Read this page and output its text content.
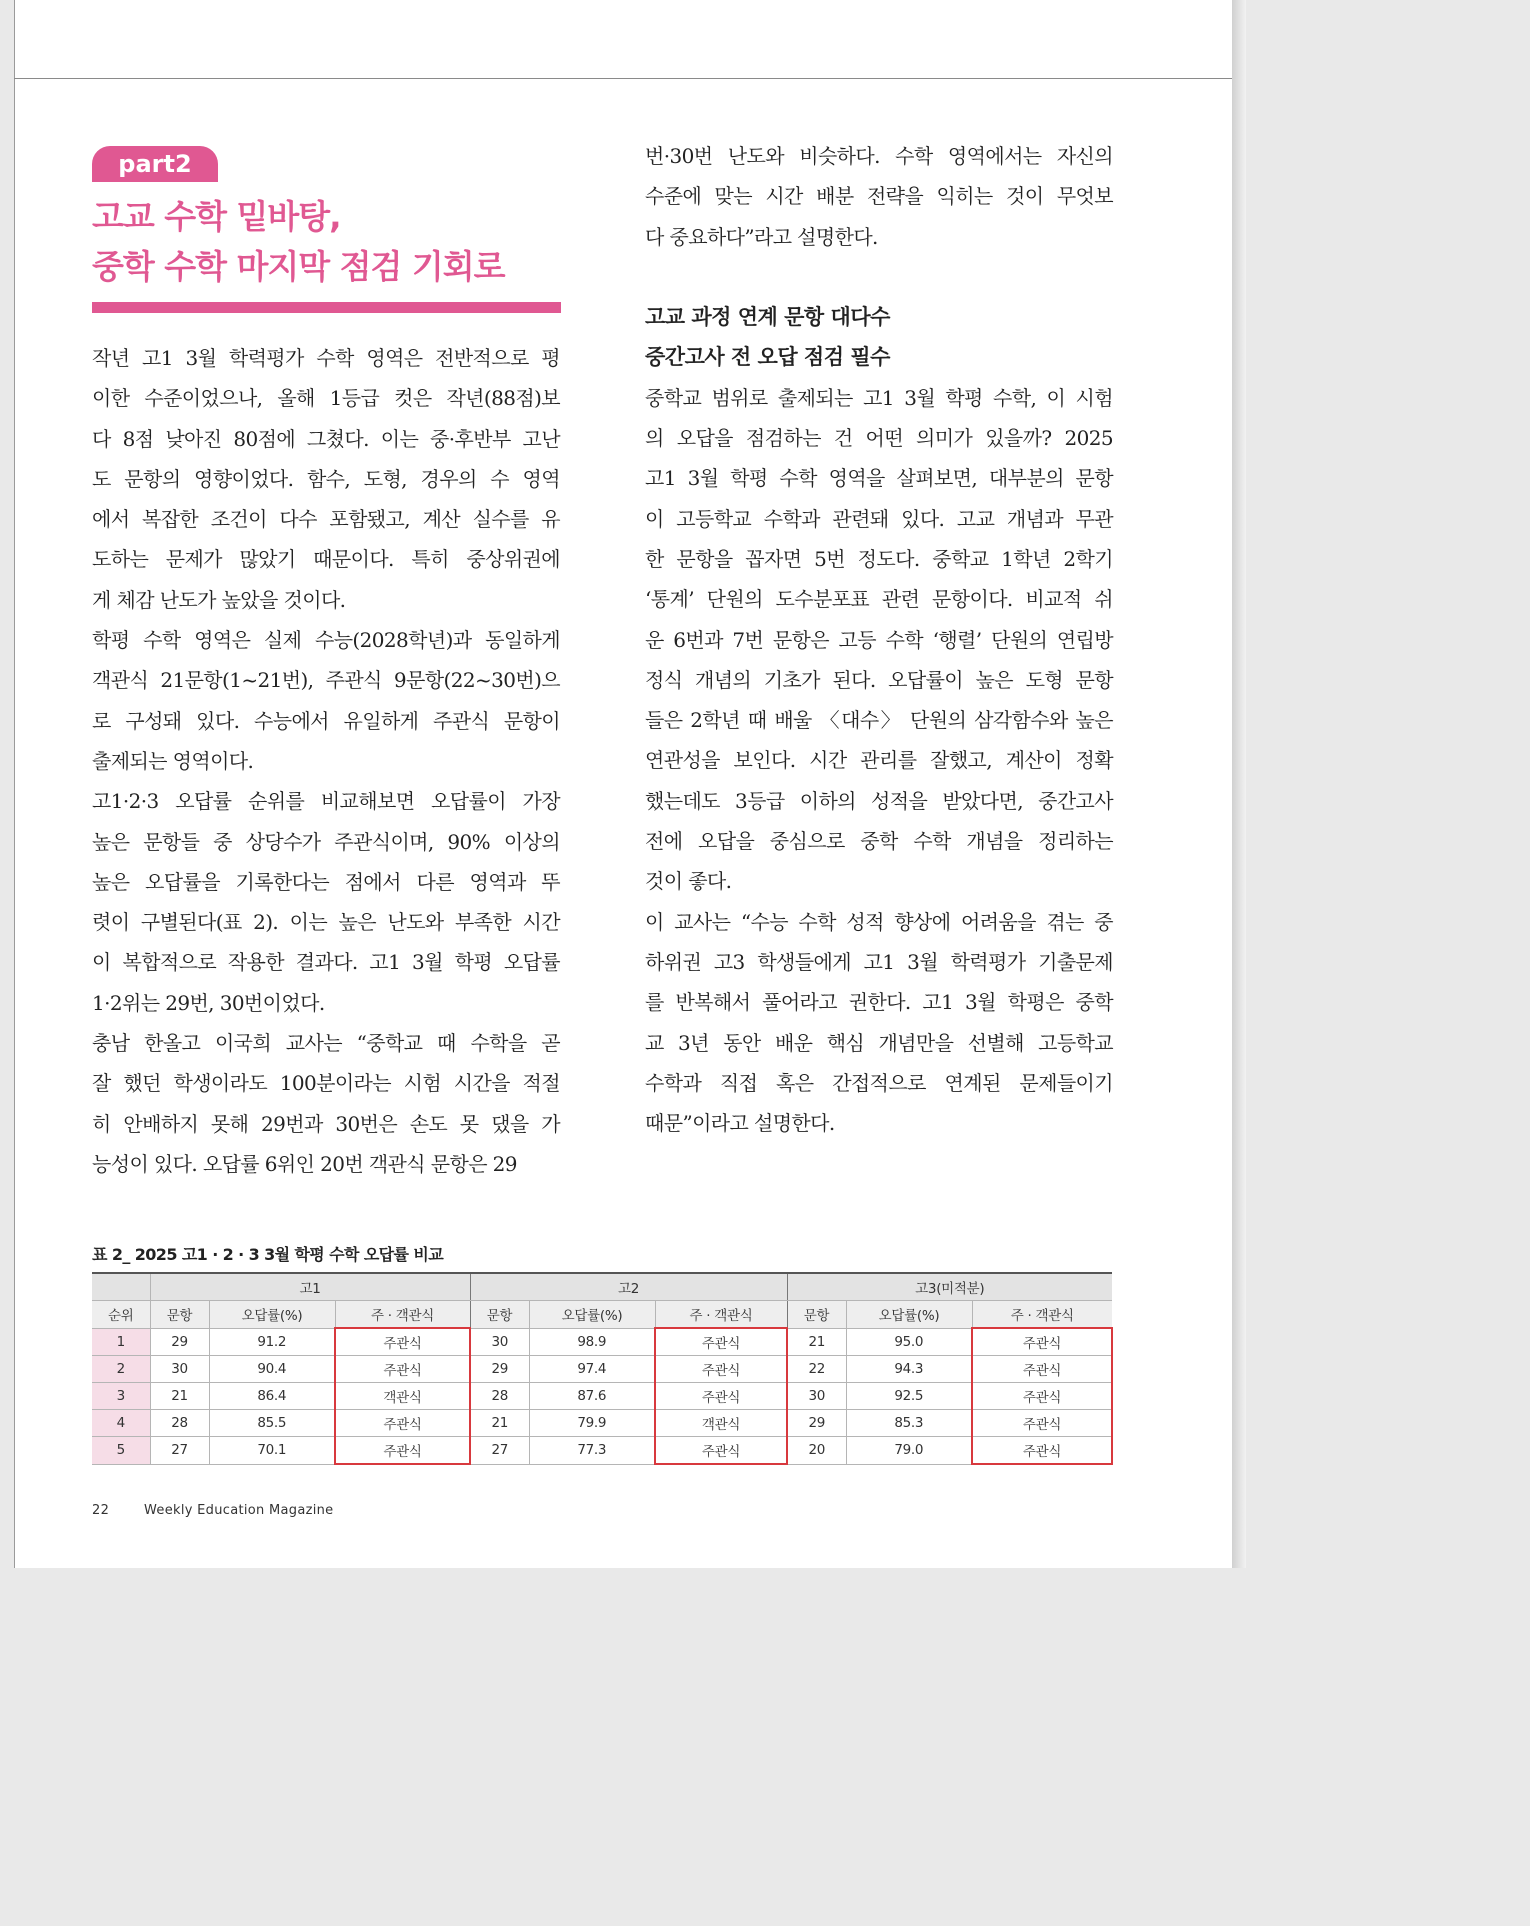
part2
고교 수학 밑바탕,
중학 수학 마지막 점검 기회로
작년 고1 3월 학력평가 수학 영역은 전반적으로 평
이한 수준이었으나, 올해 1등급 컷은 작년(88점)보
다 8점 낮아진 80점에 그쳤다. 이는 중·후반부 고난
도 문항의 영향이었다. 함수, 도형, 경우의 수 영역
에서 복잡한 조건이 다수 포함됐고, 계산 실수를 유
도하는 문제가 많았기 때문이다. 특히 중상위권에
게 체감 난도가 높았을 것이다.
학평 수학 영역은 실제 수능(2028학년)과 동일하게
객관식 21문항(1~21번), 주관식 9문항(22~30번)으
로 구성돼 있다. 수능에서 유일하게 주관식 문항이
출제되는 영역이다.
고1·2·3 오답률 순위를 비교해보면 오답률이 가장
높은 문항들 중 상당수가 주관식이며, 90% 이상의
높은 오답률을 기록한다는 점에서 다른 영역과 뚜
렷이 구별된다(표 2). 이는 높은 난도와 부족한 시간
이 복합적으로 작용한 결과다. 고1 3월 학평 오답률
1·2위는 29번, 30번이었다.
충남 한올고 이국희 교사는 “중학교 때 수학을 곧
잘 했던 학생이라도 100분이라는 시험 시간을 적절
히 안배하지 못해 29번과 30번은 손도 못 댔을 가
능성이 있다. 오답률 6위인 20번 객관식 문항은 29
번·30번 난도와 비슷하다. 수학 영역에서는 자신의
수준에 맞는 시간 배분 전략을 익히는 것이 무엇보
다 중요하다”라고 설명한다.
고교 과정 연계 문항 대다수
중간고사 전 오답 점검 필수
중학교 범위로 출제되는 고1 3월 학평 수학, 이 시험
의 오답을 점검하는 건 어떤 의미가 있을까? 2025
고1 3월 학평 수학 영역을 살펴보면, 대부분의 문항
이 고등학교 수학과 관련돼 있다. 고교 개념과 무관
한 문항을 꼽자면 5번 정도다. 중학교 1학년 2학기
‘통계’ 단원의 도수분포표 관련 문항이다. 비교적 쉬
운 6번과 7번 문항은 고등 수학 ‘행렬’ 단원의 연립방
정식 개념의 기초가 된다. 오답률이 높은 도형 문항
들은 2학년 때 배울 〈대수〉 단원의 삼각함수와 높은
연관성을 보인다. 시간 관리를 잘했고, 계산이 정확
했는데도 3등급 이하의 성적을 받았다면, 중간고사
전에 오답을 중심으로 중학 수학 개념을 정리하는
것이 좋다.
이 교사는 “수능 수학 성적 향상에 어려움을 겪는 중
하위권 고3 학생들에게 고1 3월 학력평가 기출문제
를 반복해서 풀어라고 권한다. 고1 3월 학평은 중학
교 3년 동안 배운 핵심 개념만을 선별해 고등학교
수학과 직접 혹은 간접적으로 연계된 문제들이기
때문”이라고 설명한다.
표 2_ 2025 고1 · 2 · 3 3월 학평 수학 오답률 비교
	고1			고2			고3(미적분)		
순위	문항	오답률(%)	주 · 객관식	문항	오답률(%)	주 · 객관식	문항	오답률(%)	주 · 객관식
1	29	91.2	주관식	30	98.9	주관식	21	95.0	주관식
2	30	90.4	주관식	29	97.4	주관식	22	94.3	주관식
3	21	86.4	객관식	28	87.6	주관식	30	92.5	주관식
4	28	85.5	주관식	21	79.9	객관식	29	85.3	주관식
5	27	70.1	주관식	27	77.3	주관식	20	79.0	주관식
22	Weekly Education Magazine
